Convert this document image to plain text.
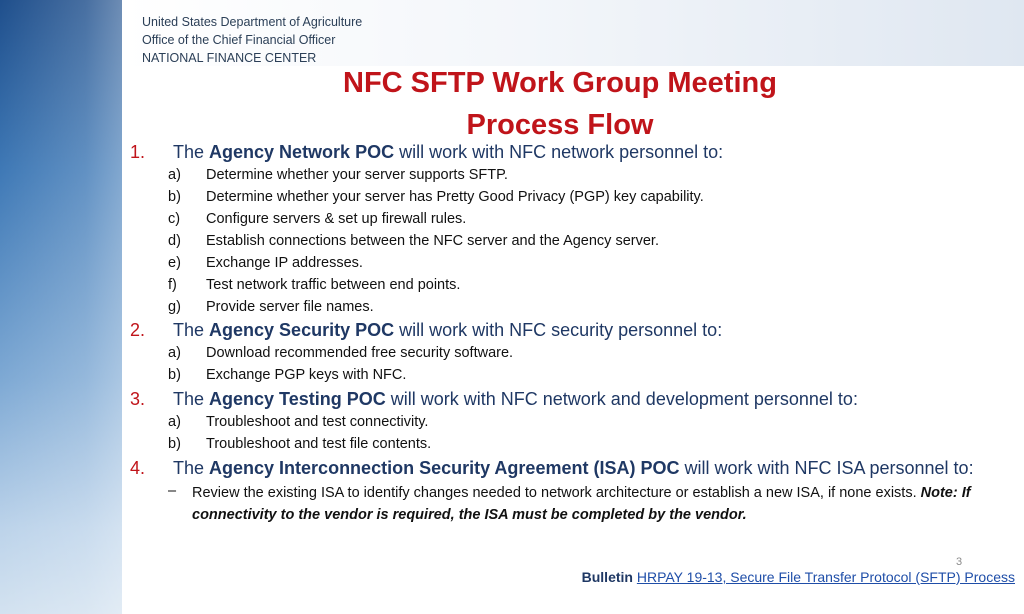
United States Department of Agriculture
Office of the Chief Financial Officer
NATIONAL FINANCE CENTER
NFC SFTP Work Group Meeting
Process Flow
1. The Agency Network POC will work with NFC network personnel to:
a) Determine whether your server supports SFTP.
b) Determine whether your server has Pretty Good Privacy (PGP) key capability.
c) Configure servers & set up firewall rules.
d) Establish connections between the NFC server and the Agency server.
e) Exchange IP addresses.
f) Test network traffic between end points.
g) Provide server file names.
2. The Agency Security POC will work with NFC security personnel to:
a) Download recommended free security software.
b) Exchange PGP keys with NFC.
3. The Agency Testing POC will work with NFC network and development personnel to:
a) Troubleshoot and test connectivity.
b) Troubleshoot and test file contents.
4. The Agency Interconnection Security Agreement (ISA) POC will work with NFC ISA personnel to:
– Review the existing ISA to identify changes needed to network architecture or establish a new ISA, if none exists. Note: If connectivity to the vendor is required, the ISA must be completed by the vendor.
3
Bulletin HRPAY 19-13, Secure File Transfer Protocol (SFTP) Process
